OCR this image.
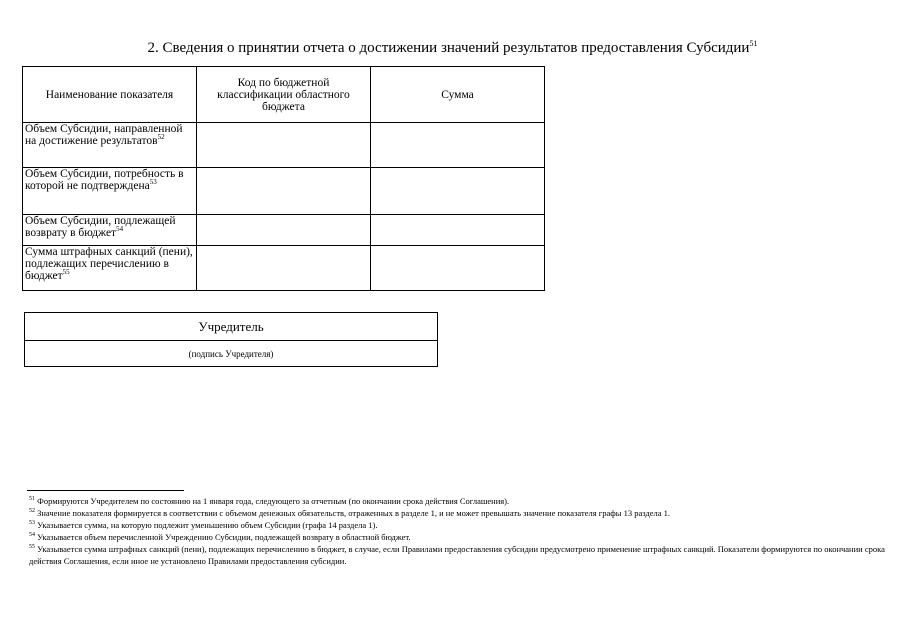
2. Сведения о принятии отчета о достижении значений результатов предоставления Субсидии$^{51}$
Наименование показателя	Код по бюджетной классификации областного бюджета	Сумма
Объем Субсидии, направленной на достижение результатов$^{52}$		
Объем Субсидии, потребность в которой не подтверждена$^{53}$		
Объем Субсидии, подлежащей возврату в бюджет$^{54}$		
Сумма штрафных санкций (пени), подлежащих перечислению в бюджет$^{55}$		
Учредитель
(подпись Учредителя)

$^{51}$ Формируются Учредителем по состоянию на 1 января года, следующего за отчетным (по окончании срока действия Соглашения).

$^{52}$ Значение показателя формируется в соответствии с объемом денежных обязательств, отраженных в разделе 1, и не может превышать значение показателя графы 13 раздела 1.

$^{53}$ Указывается сумма, на которую подлежит уменьшению объем Субсидии (графа 14 раздела 1).

$^{54}$ Указывается объем перечисленной Учреждению Субсидии, подлежащей возврату в областной бюджет.

$^{55}$ Указывается сумма штрафных санкций (пени), подлежащих перечислению в бюджет, в случае, если Правилами предоставления субсидии предусмотрено применение штрафных санкций. Показатели формируются по окончании срока действия Соглашения, если иное не установлено Правилами предоставления субсидии.
